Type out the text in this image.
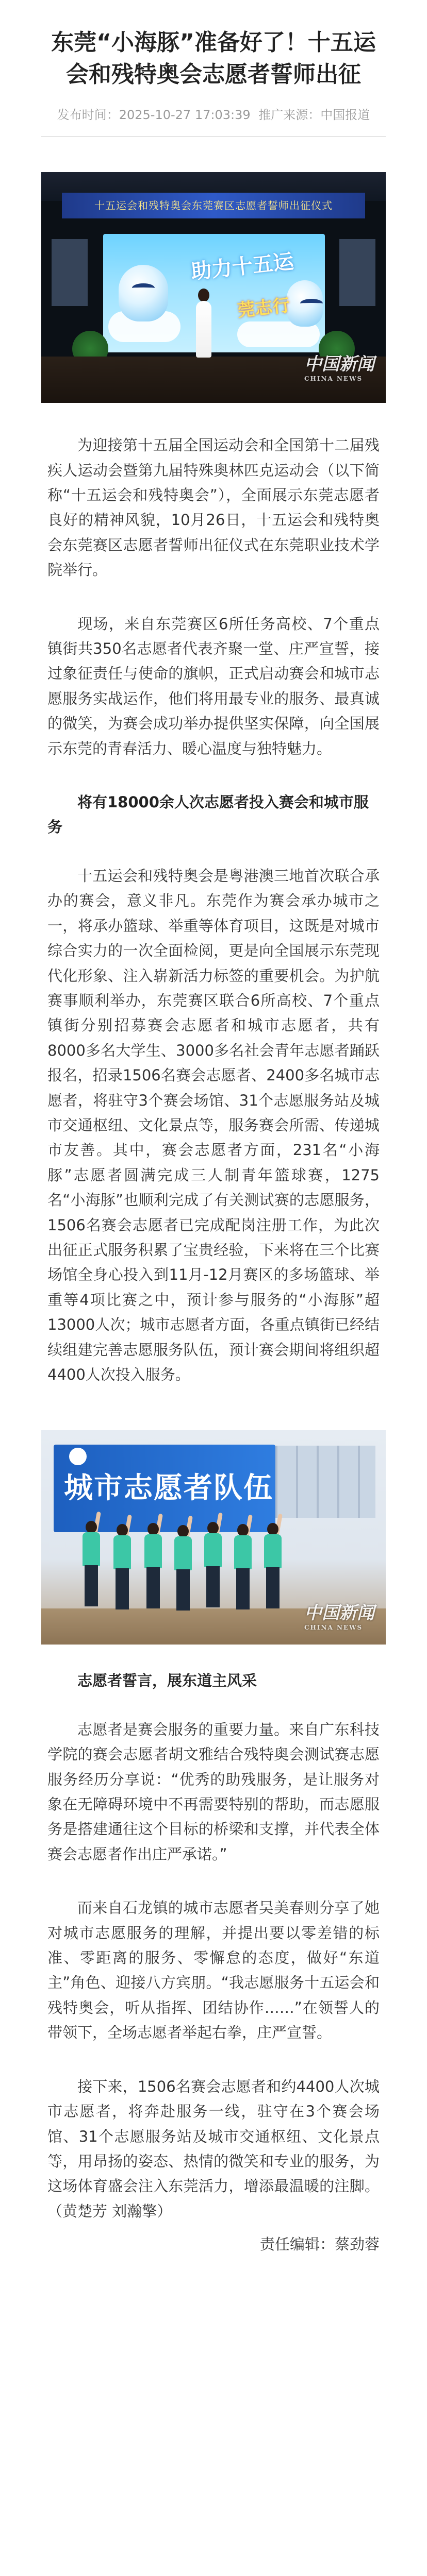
东莞“小海豚”准备好了！十五运会和残特奥会志愿者誓师出征
发布时间：2025-10-27 17:03:39 推广来源：中国报道
十五运会和残特奥会东莞赛区志愿者誓师出征仪式
助力十五运
莞志行
中国新闻
CHINA NEWS

为迎接第十五届全国运动会和全国第十二届残疾人运动会暨第九届特殊奥林匹克运动会（以下简称“十五运会和残特奥会”），全面展示东莞志愿者良好的精神风貌，10月26日，十五运会和残特奥会东莞赛区志愿者誓师出征仪式在东莞职业技术学院举行。

现场，来自东莞赛区6所任务高校、7个重点镇街共350名志愿者代表齐聚一堂、庄严宣誓，接过象征责任与使命的旗帜，正式启动赛会和城市志愿服务实战运作，他们将用最专业的服务、最真诚的微笑，为赛会成功举办提供坚实保障，向全国展示东莞的青春活力、暖心温度与独特魅力。

将有18000余人次志愿者投入赛会和城市服务

十五运会和残特奥会是粤港澳三地首次联合承办的赛会，意义非凡。东莞作为赛会承办城市之一，将承办篮球、举重等体育项目，这既是对城市综合实力的一次全面检阅，更是向全国展示东莞现代化形象、注入崭新活力标签的重要机会。为护航赛事顺利举办，东莞赛区联合6所高校、7个重点镇街分别招募赛会志愿者和城市志愿者，共有8000多名大学生、3000多名社会青年志愿者踊跃报名，招录1506名赛会志愿者、2400多名城市志愿者，将驻守3个赛会场馆、31个志愿服务站及城市交通枢纽、文化景点等，服务赛会所需、传递城市友善。其中，赛会志愿者方面，231名“小海豚”志愿者圆满完成三人制青年篮球赛，1275名“小海豚”也顺利完成了有关测试赛的志愿服务，1506名赛会志愿者已完成配岗注册工作，为此次出征正式服务积累了宝贵经验，下来将在三个比赛场馆全身心投入到11月-12月赛区的多场篮球、举重等4项比赛之中，预计参与服务的“小海豚”超13000人次；城市志愿者方面，各重点镇街已经结续组建完善志愿服务队伍，预计赛会期间将组织超4400人次投入服务。

城市志愿者队伍
中国新闻
CHINA NEWS

志愿者誓言，展东道主风采

志愿者是赛会服务的重要力量。来自广东科技学院的赛会志愿者胡文雅结合残特奥会测试赛志愿服务经历分享说：“优秀的助残服务，是让服务对象在无障碍环境中不再需要特别的帮助，而志愿服务是搭建通往这个目标的桥梁和支撑，并代表全体赛会志愿者作出庄严承诺。”

而来自石龙镇的城市志愿者吴美春则分享了她对城市志愿服务的理解，并提出要以零差错的标准、零距离的服务、零懈怠的态度，做好“东道主”角色、迎接八方宾朋。“我志愿服务十五运会和残特奥会，听从指挥、团结协作……”在领誓人的带领下，全场志愿者举起右拳，庄严宣誓。

接下来，1506名赛会志愿者和约4400人次城市志愿者，将奔赴服务一线，驻守在3个赛会场馆、31个志愿服务站及城市交通枢纽、文化景点等，用昂扬的姿态、热情的微笑和专业的服务，为这场体育盛会注入东莞活力，增添最温暖的注脚。（黄楚芳 刘瀚擎）

责任编辑：蔡劲蓉
